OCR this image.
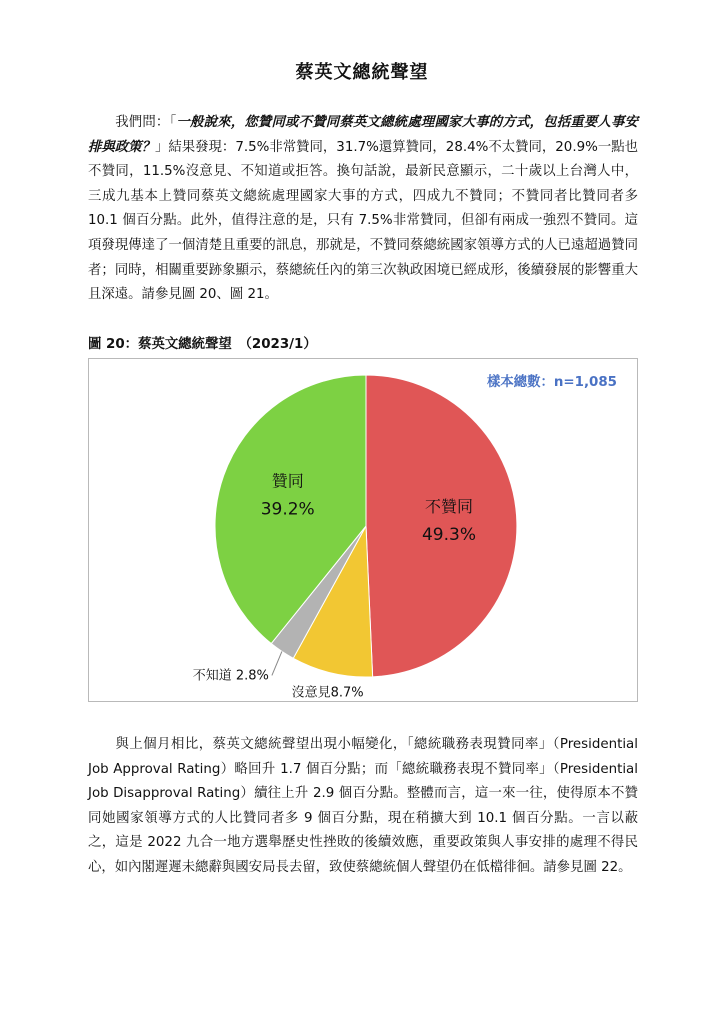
蔡英文總統聲望
我們問：「一般說來，您贊同或不贊同蔡英文總統處理國家大事的方式，包括重要人事安排與政策？」結果發現：7.5%非常贊同，31.7%還算贊同，28.4%不太贊同，20.9%一點也不贊同，11.5%沒意見、不知道或拒答。換句話說，最新民意顯示，二十歲以上台灣人中，三成九基本上贊同蔡英文總統處理國家大事的方式，四成九不贊同；不贊同者比贊同者多 10.1 個百分點。此外，值得注意的是，只有 7.5%非常贊同，但卻有兩成一強烈不贊同。這項發現傳達了一個清楚且重要的訊息，那就是，不贊同蔡總統國家領導方式的人已遠超過贊同者；同時，相關重要跡象顯示，蔡總統任內的第三次執政困境已經成形，後續發展的影響重大且深遠。請參見圖 20、圖 21。
圖 20：蔡英文總統聲望　（2023/1）
樣本總數：n=1,085
不贊同
49.3%
贊同
39.2%
沒意見8.7%
不知道 2.8%
與上個月相比，蔡英文總統聲望出現小幅變化，「總統職務表現贊同率」（Presidential Job Approval Rating）略回升 1.7 個百分點；而「總統職務表現不贊同率」（Presidential Job Disapproval Rating）續往上升 2.9 個百分點。整體而言，這一來一往，使得原本不贊同她國家領導方式的人比贊同者多 9 個百分點，現在稍擴大到 10.1 個百分點。一言以蔽之，這是 2022 九合一地方選舉歷史性挫敗的後續效應，重要政策與人事安排的處理不得民心，如內閣遲遲未總辭與國安局長去留，致使蔡總統個人聲望仍在低檔徘徊。請參見圖 22。
